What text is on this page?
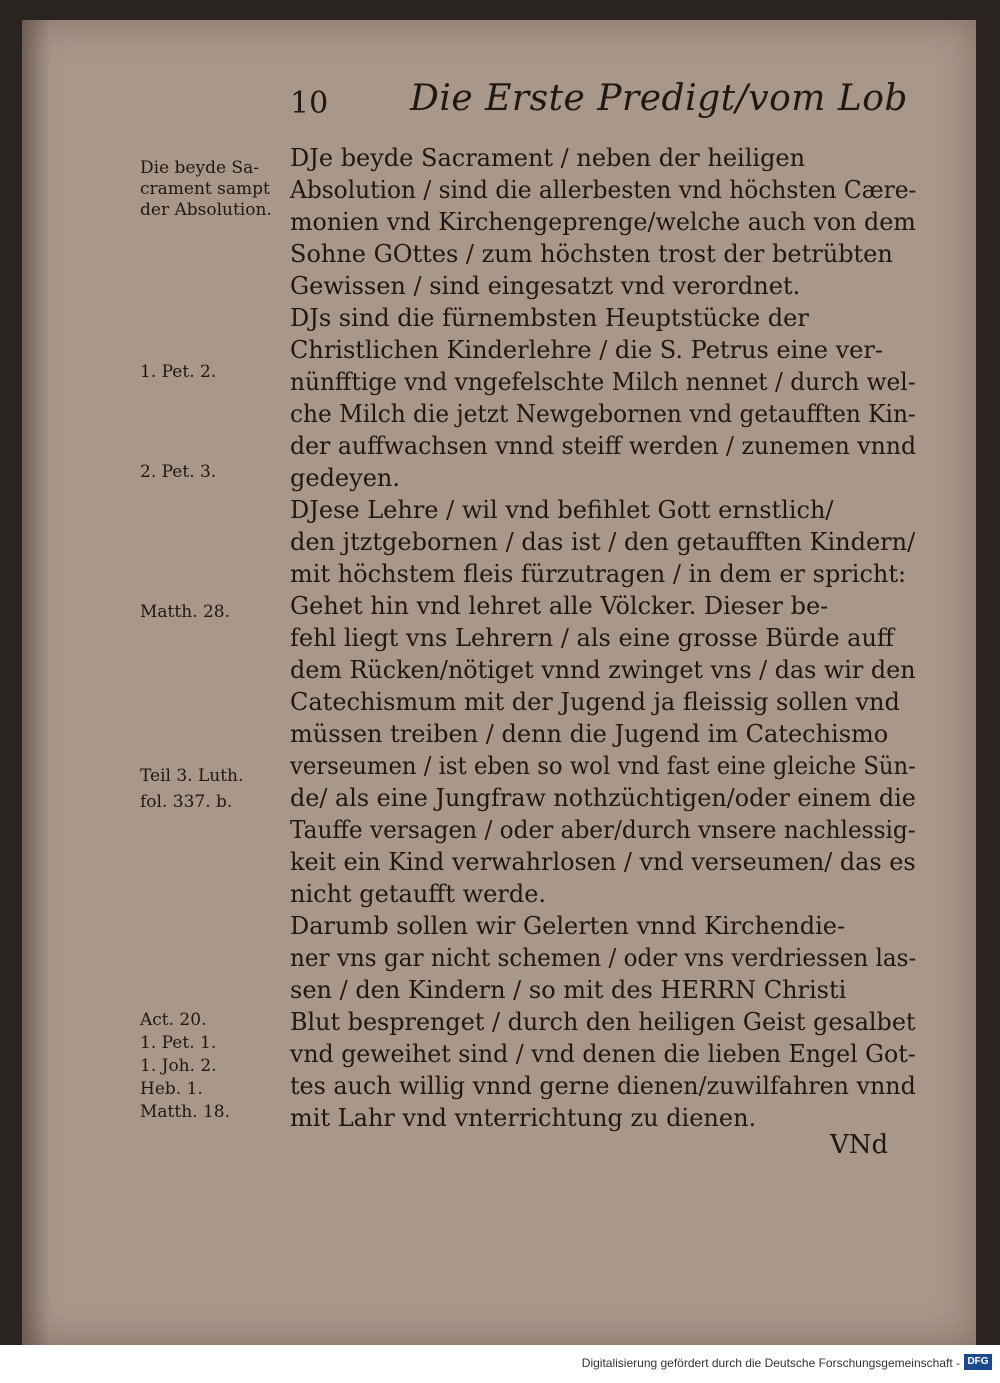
10 Die Erste Predigt/vom Lob
Die beyde Sa-
crament sampt
der Absolution.
1. Pet. 2.
2. Pet. 3.
Matth. 28.
Teil 3. Luth.
fol. 337. b.
Act. 20.
1. Pet. 1.
1. Joh. 2.
Heb. 1.
Matth. 18.
DJe beyde Sacrament / neben der heiligen
Absolution / sind die allerbesten vnd höchsten Cære-
monien vnd Kirchengeprenge/welche auch von dem
Sohne GOttes / zum höchsten trost der betrübten
Gewissen / sind eingesatzt vnd verordnet.
DJs sind die fürnembsten Heuptstücke der
Christlichen Kinderlehre / die S. Petrus eine ver-
nünfftige vnd vngefelschte Milch nennet / durch wel-
che Milch die jetzt Newgebornen vnd getaufften Kin-
der auffwachsen vnnd steiff werden / zunemen vnnd
gedeyen.
DJese Lehre / wil vnd befihlet Gott ernstlich/
den jtztgebornen / das ist / den getaufften Kindern/
mit höchstem fleis fürzutragen / in dem er spricht:
Gehet hin vnd lehret alle Völcker. Dieser be-
fehl liegt vns Lehrern / als eine grosse Bürde auff
dem Rücken/nötiget vnnd zwinget vns / das wir den
Catechismum mit der Jugend ja fleissig sollen vnd
müssen treiben / denn die Jugend im Catechismo
verseumen / ist eben so wol vnd fast eine gleiche Sün-
de/ als eine Jungfraw nothzüchtigen/oder einem die
Tauffe versagen / oder aber/durch vnsere nachlessig-
keit ein Kind verwahrlosen / vnd verseumen/ das es
nicht getaufft werde.
Darumb sollen wir Gelerten vnnd Kirchendie-
ner vns gar nicht schemen / oder vns verdriessen las-
sen / den Kindern / so mit des HERRN Christi
Blut besprenget / durch den heiligen Geist gesalbet
vnd geweihet sind / vnd denen die lieben Engel Got-
tes auch willig vnnd gerne dienen/zuwilfahren vnnd
mit Lahr vnd vnterrichtung zu dienen.
VNd
Digitalisierung gefördert durch die Deutsche Forschungsgemeinschaft - DFG
